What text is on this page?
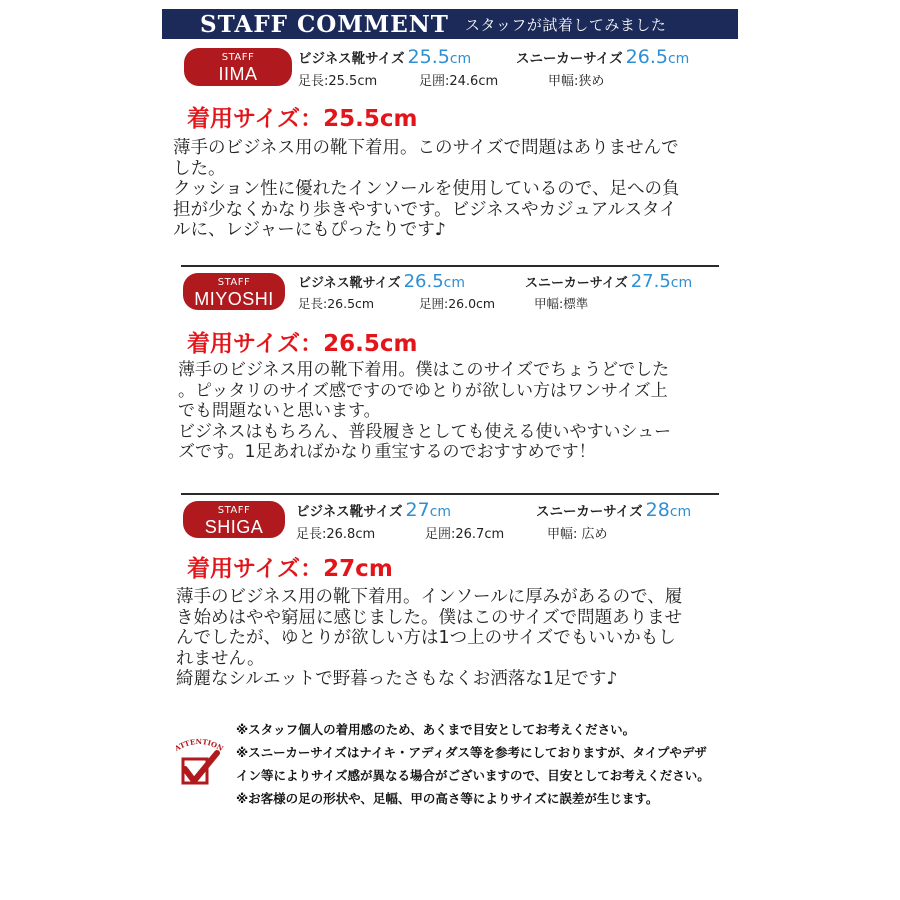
STAFF COMMENT スタッフが試着してみました
STAFF
IIMA
ビジネス靴サイズ 25.5cm	スニーカーサイズ 26.5cm
足長:25.5cm	足囲:24.6cm	甲幅:狭め
着用サイズ：25.5cm
薄手のビジネス用の靴下着用。このサイズで問題はありませんで
した。
クッション性に優れたインソールを使用しているので、足への負
担が少なくかなり歩きやすいです。ビジネスやカジュアルスタイ
ルに、レジャーにもぴったりです♪
STAFF
MIYOSHI
ビジネス靴サイズ 26.5cm	スニーカーサイズ 27.5cm
足長:26.5cm	足囲:26.0cm	甲幅:標準
着用サイズ：26.5cm
薄手のビジネス用の靴下着用。僕はこのサイズでちょうどでした
。ピッタリのサイズ感ですのでゆとりが欲しい方はワンサイズ上
でも問題ないと思います。
ビジネスはもちろん、普段履きとしても使える使いやすいシュー
ズです。1足あればかなり重宝するのでおすすめです！
STAFF
SHIGA
ビジネス靴サイズ 27cm	スニーカーサイズ 28cm
足長:26.8cm	足囲:26.7cm	甲幅: 広め
着用サイズ：27cm
薄手のビジネス用の靴下着用。インソールに厚みがあるので、履
き始めはやや窮屈に感じました。僕はこのサイズで問題ありませ
んでしたが、ゆとりが欲しい方は1つ上のサイズでもいいかもし
れません。
綺麗なシルエットで野暮ったさもなくお洒落な1足です♪
ATTENTION

※スタッフ個人の着用感のため、あくまで目安としてお考えください。

※スニーカーサイズはナイキ・アディダス等を参考にしておりますが、タイプやデザイン等によりサイズ感が異なる場合がございますので、目安としてお考えください。

※お客様の足の形状や、足幅、甲の高さ等によりサイズに誤差が生じます。
